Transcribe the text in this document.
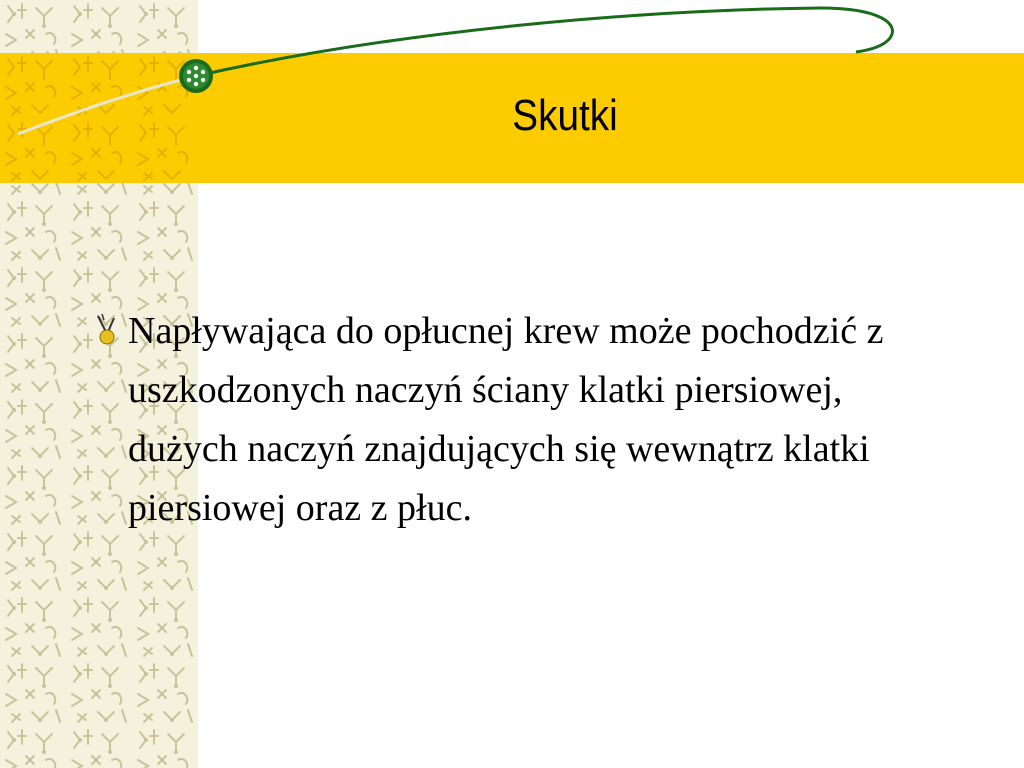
Skutki

Napływająca do opłucnej krew może pochodzić z uszkodzonych naczyń ściany klatki piersiowej, dużych naczyń znajdujących się wewnątrz klatki piersiowej oraz z płuc.
